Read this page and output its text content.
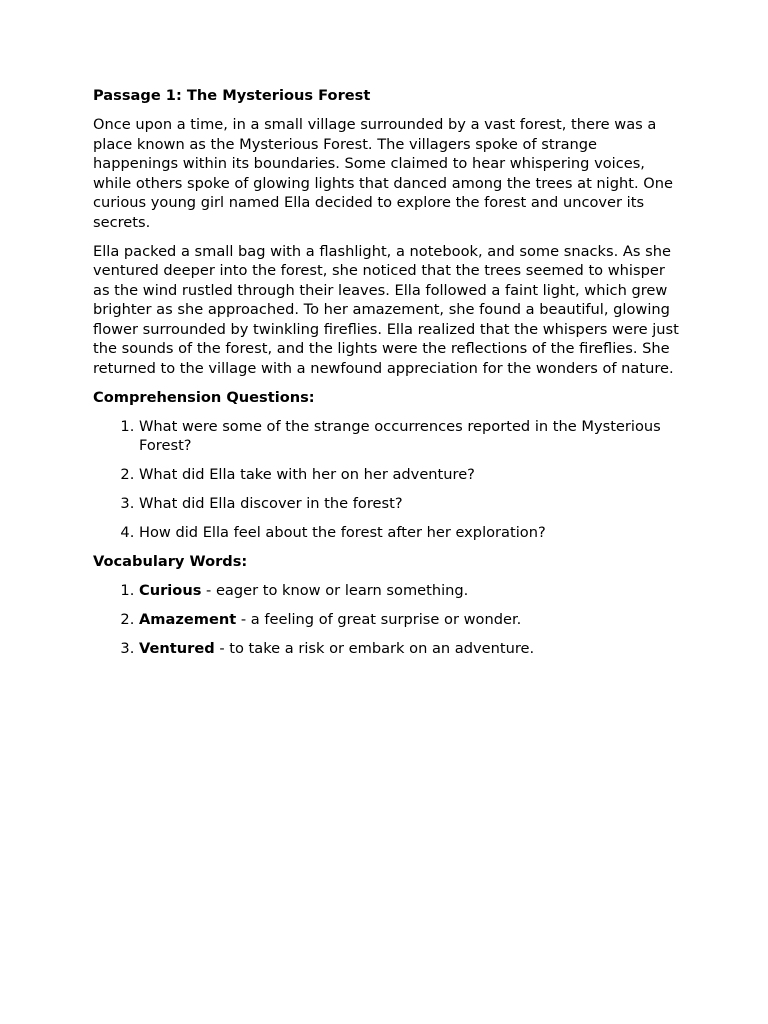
Passage 1: The Mysterious Forest

Once upon a time, in a small village surrounded by a vast forest, there was a place known as the Mysterious Forest. The villagers spoke of strange happenings within its boundaries. Some claimed to hear whispering voices, while others spoke of glowing lights that danced among the trees at night. One curious young girl named Ella decided to explore the forest and uncover its secrets.

Ella packed a small bag with a flashlight, a notebook, and some snacks. As she ventured deeper into the forest, she noticed that the trees seemed to whisper as the wind rustled through their leaves. Ella followed a faint light, which grew brighter as she approached. To her amazement, she found a beautiful, glowing flower surrounded by twinkling fireflies. Ella realized that the whispers were just the sounds of the forest, and the lights were the reflections of the fireflies. She returned to the village with a newfound appreciation for the wonders of nature.

Comprehension Questions:

1. What were some of the strange occurrences reported in the Mysterious Forest?
2. What did Ella take with her on her adventure?
3. What did Ella discover in the forest?
4. How did Ella feel about the forest after her exploration?

Vocabulary Words:

1. Curious - eager to know or learn something.
2. Amazement - a feeling of great surprise or wonder.
3. Ventured - to take a risk or embark on an adventure.
